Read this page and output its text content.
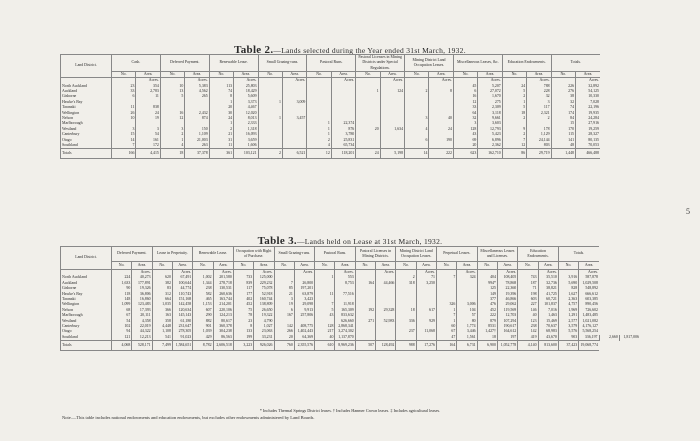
Table 2.—Lands selected during the Year ended 31st March, 1932.
Land District.	Cash.		Deferred Payment.		Renewable Lease.		Small Grazing-runs.		Pastoral Runs.		Pastoral Licenses in Mining Districts under Special Regulations.		Mining District Land Occupation Leases.		Miscellaneous Leases, &c.		Education Endowments.		Totals.	
	No.	Area.	No.	Area.	No.	Area.	No.	Area.	No.	Area.	No.	Area.	No.	Area.	No.	Area.	No.	Area.	No.	Area.
		Acres.		Acres.		Acres.		Acres.		Acres.		Acres.		Acres.		Acres.		Acres.		Acres.
North Auckland	23	354	10	5,383	113	25,803									45	5,207	24	788	226	32,892
Auckland	33	2,783	13	4,562	74	18,429					1	124	2	8	6	27,072	5	228	276	54,125
Gisborne	6	11	5	265	8	5,609									16	1,670	2	32	38	10,330
Hawke's Bay					1	3,373	1	3,009							12	275	1	3	32	7,028
Taranaki	11	838			20	4,467									33	2,309	5	117	74	22,196
Wellington	26	24	16	2,432	30	12,020									64	3,118	18	2,321	174	19,935
Nelson	10	19	12	874	24	8,013	1	3,457					3	40	32	9,661	2	2	84	24,284
Marlborough					1	2,333			1	22,374					3	3,603			15	27,916
Westland	3	3	3	150	2	1,318			1	876	20	1,634	4	24	128	12,793	9	178	170	19,259
Canterbury	15	54	2	1,109	21	16,093			1	3,780					43	5,423	2	1,129	115	28,327
Otago	14	161	1	21,003	31	3,659			2	25,831			6	190	69	6,896	7	24,144	141	80,135
Southland	7	172	4	263	11	1,606			4	65,734					20	2,362	12	803	48	70,053
Totals	166	4,415	18	37,378	361	103,121	2	6,521	12	118,201	24	5,198	14	222	623	162,710	86	29,719	1,448	466,488
Table 3.—Lands held on Lease at 31st March, 1932.
Land District.	Deferred Payment.		Lease in Perpetuity.		Renewable Lease.		Occupation with Right of Purchase.		Small Grazing-runs.		Pastoral Runs.		Pastoral Licenses in Mining Districts.		Mining District Land Occupation Leases.		Perpetual Leases.		Miscellaneous Leases and Licenses.		Education Endowments.		Totals.			
	No.	Area.	No.	Area.	No.	Area.	No.	Area.	No.	Area.	No.	Area.	No.	Area.	No.	Area.	No.	Area.	No.	Area.	No.	Area.	No.	Area.		
		Acres.		Acres.		Acres.		Acres.		Acres.		Acres.		Acres.		Acres.		Acres.		Acres.		Acres.		Acres.		
North Auckland	224	40,273	620	67,491	1,002	201,580	733	125,000			1	553			2	71	7	324	404	108,405	743	35,510	3,916	587,878		
Auckland	1,633	177,891	382	100,644	1,344	278,718	839	229,232	7	26,800		8,753	164	44,466	318	3,250			994*	78,868	187	32,736	5,690	1,029,508		
Gisborne	90	19,326	83	44,774	238	130,531	117	75,078	85	197,201									125	22,360	71	38,821	828	548,892		
Hawke's Bay	118	36,806	312	110,743	582	260,636	177	52,918	21	63,879	11	77,516							149	19,396	198	41,725	1,627	666,612		
Taranaki	148	16,860	664	151,168	465	163,744	402	160,744	3	3,423									377	46,866	603	60,721	2,363	603,385		
Wellington	1,099	123,483	1,035	142,458	1,153	214,201	452	138,809	19	29,098	7	11,918					326	3,006	476	29,062	227	101,837	4,757	890,456		
Nelson	68	17,393	366	120,634	607	220,106	75	26,650	6	9,913	5	165,309	192	29,328	18	617	1	104	452	119,569	146	7,016	1,969	726,602		
Marlborough	67	20,111	163	145,143	290	124,213	78	19,322	167	257,806	43	833,632					7	57	222	12,703	40	1,463	1,291	1,483,485		
Westland	54	4,358	358	61,180	882	80,617	23	4,790				626,660	271	52,983	336	929	1	80	879	107,294	123	15,469	2,577	1,021,082		
Canterbury	102	22,019	4,448	231,647	901	360,378	8	1,027	142	408,775	128	2,868,341					60	1,774	8531	190,617	238	70,637	3,579	4,176,127		
Otago	94	44,322	1,108	278,305	1,039	304,238	133	23,063	266	1,402,443	217	3,274,302			237	11,068	67	3,446	1,427†	164,612	142	68,983	5,576	5,568,254		
Southland	121	12,213	541	91,023	429	86,563	199	33,231	20	64,369	40	1,137,870					47	1,561	18	197	419	43,670	903	336,197	2,660	1,817,006
Totals	4,068	528,171	7,499	1,584,651	8,782	2,606,518	3,223	926,026	760	2,355,576	610	8,969,236	507	128,492	988	17,276	164	6,731	6,900	1,052,778	4,140	813,600	37,423	19,068,774		
* Includes Thermal Springs District leases. † Includes Hanmer Crown leases. ‡ Includes agricultural leases.
Note.—This table includes national endowments and education endowments, but excludes other endowments administered by Land Boards.
5
